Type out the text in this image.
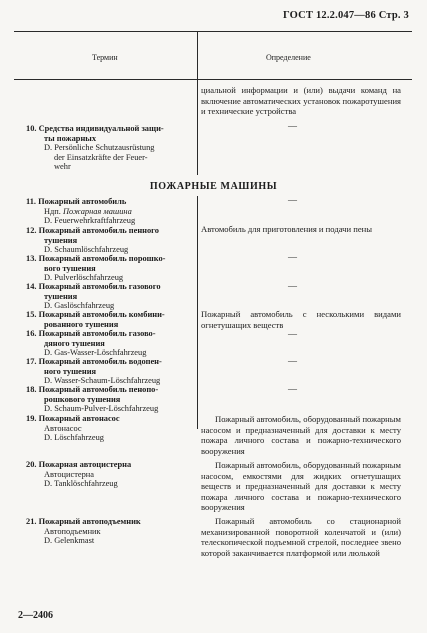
ГОСТ 12.2.047—86 Стр. 3
Термин	Определение
циальной информации и (или) выдачи команд на включение автоматических установок пожаротушения и технические устройства
10. Средства индивидуальной защи-
ты пожарных
D. Persönliche Schutzausrüstung
der Einsatzkräfte der Feuer-
wehr
—
ПОЖАРНЫЕ МАШИНЫ
11. Пожарный автомобиль
Ндп. Пожарная машина
D. Feuerwehrkraftfahrzeug
—
12. Пожарный автомобиль пенного
тушения
D. Schaumlöschfahrzeug
Автомобиль для приготовления и подачи пены
13. Пожарный автомобиль порошко-
вого тушения
D. Pulverlöschfahrzeug
—
14. Пожарный автомобиль газового
тушения
D. Gaslöschfahrzeug
—
15. Пожарный автомобиль комбини-
рованного тушения
Пожарный автомобиль с несколькими видами огнетушащих веществ
16. Пожарный автомобиль газово-
дяного тушения
D. Gas-Wasser-Löschfahrzeug
—
17. Пожарный автомобиль водопен-
ного тушения
D. Wasser-Schaum-Löschfahrzeug
—
18. Пожарный автомобиль пенопо-
рошкового тушения
D. Schaum-Pulver-Löschfahrzeug
—
19. Пожарный автонасос
Автонасос
D. Löschfahrzeug
Пожарный автомобиль, оборудованный пожарным насосом и предназначенный для доставки к месту пожара личного состава и пожарно-технического вооружения
20. Пожарная автоцистерна
Автоцистерна
D. Tanklöschfahrzeug
Пожарный автомобиль, оборудованный пожарным насосом, емкостями для жидких огнетушащих веществ и предназначенный для доставки к месту пожара личного состава и пожарно-технического вооружения
21. Пожарный автоподъемник
Автоподъемник
D. Gelenkmast
Пожарный автомобиль со стационарной механизированной поворотной коленчатой и (или) телескопической подъемной стрелой, последнее звено которой заканчивается платформой или люлькой
2—2406
